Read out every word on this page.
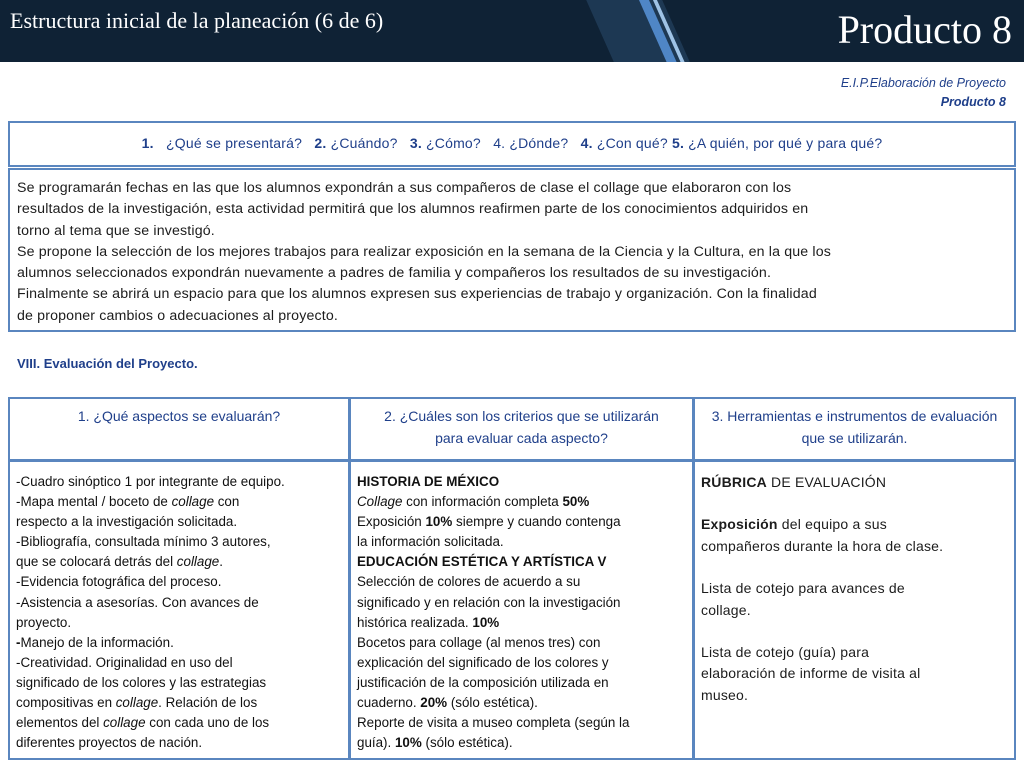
Estructura inicial de la planeación (6 de 6)	Producto 8
E.I.P.Elaboración de Proyecto
Producto 8
1. ¿Qué se presentará? 2. ¿Cuándo? 3. ¿Cómo? 4. ¿Dónde? 4. ¿Con qué? 5. ¿A quién, por qué y para qué?
Se programarán fechas en las que los alumnos expondrán a sus compañeros de clase el collage que elaboraron con los
resultados de la investigación, esta actividad permitirá que los alumnos reafirmen parte de los conocimientos adquiridos en
torno al tema que se investigó.
Se propone la selección de los mejores trabajos para realizar exposición en la semana de la Ciencia y la Cultura, en la que los
alumnos seleccionados expondrán nuevamente a padres de familia y compañeros los resultados de su investigación.
Finalmente se abrirá un espacio para que los alumnos expresen sus experiencias de trabajo y organización. Con la finalidad
de proponer cambios o adecuaciones al proyecto.
VIII. Evaluación del Proyecto.
1. ¿Qué aspectos se evaluarán?	2. ¿Cuáles son los criterios que se utilizarán para evaluar cada aspecto?
3. Herramientas e instrumentos de evaluación que se utilizarán.
-Cuadro sinóptico 1 por integrante de equipo.
-Mapa mental / boceto de collage con
respecto a la investigación solicitada.
-Bibliografía, consultada mínimo 3 autores,
que se colocará detrás del collage.
-Evidencia fotográfica del proceso.
-Asistencia a asesorías. Con avances de
proyecto.
-Manejo de la información.
-Creatividad. Originalidad en uso del
significado de los colores y las estrategias
compositivas en collage. Relación de los
elementos del collage con cada uno de los
diferentes proyectos de nación.
HISTORIA DE MÉXICO
Collage con información completa 50%
Exposición 10% siempre y cuando contenga
la información solicitada.
EDUCACIÓN ESTÉTICA Y ARTÍSTICA V
Selección de colores de acuerdo a su
significado y en relación con la investigación
histórica realizada. 10%
Bocetos para collage (al menos tres) con
explicación del significado de los colores y
justificación de la composición utilizada en
cuaderno. 20% (sólo estética).
Reporte de visita a museo completa (según la
guía). 10% (sólo estética).
RÚBRICA DE EVALUACIÓN
Exposición del equipo a sus
compañeros durante la hora de clase.
Lista de cotejo para avances de
collage.
Lista de cotejo (guía) para
elaboración de informe de visita al
museo.
